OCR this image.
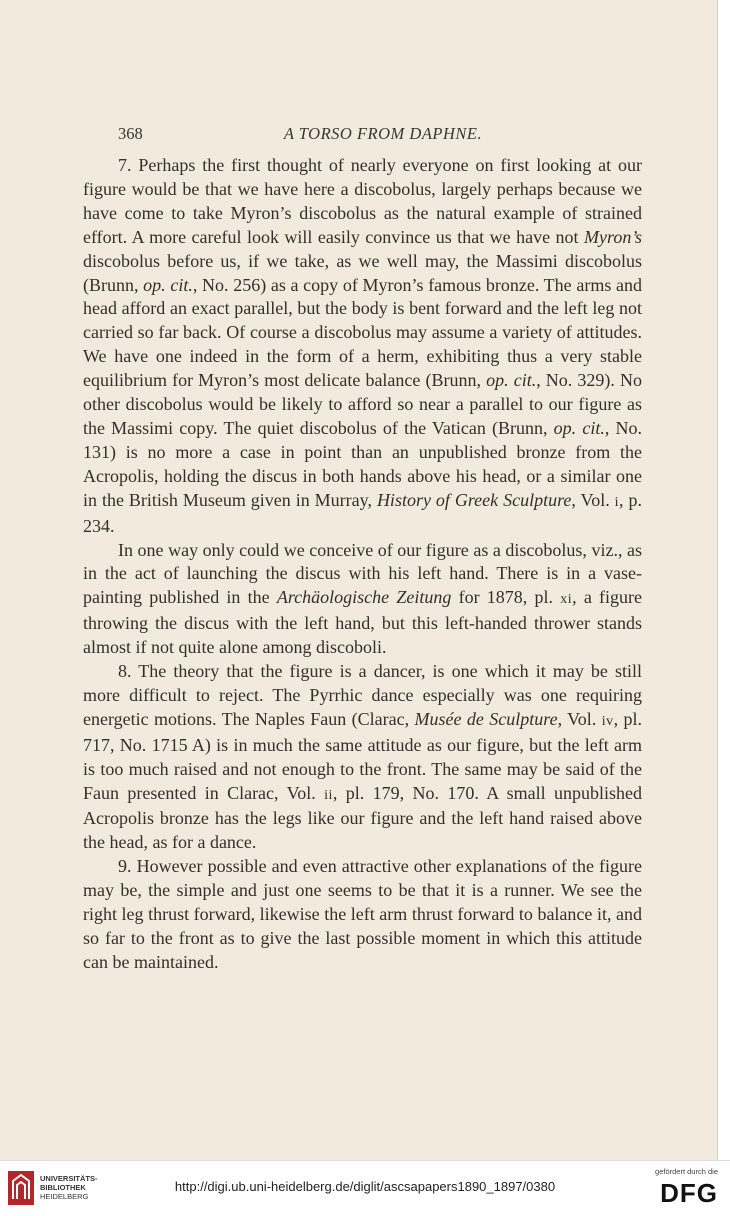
368	A TORSO FROM DAPHNE.

7. Perhaps the first thought of nearly everyone on first looking at our figure would be that we have here a discobolus, largely perhaps because we have come to take Myron’s discobolus as the natural example of strained effort. A more careful look will easily convince us that we have not Myron’s discobolus before us, if we take, as we well may, the Massimi discobolus (Brunn, op. cit., No. 256) as a copy of Myron’s famous bronze. The arms and head afford an exact parallel, but the body is bent forward and the left leg not carried so far back. Of course a discobolus may assume a variety of attitudes. We have one indeed in the form of a herm, exhibiting thus a very stable equilibrium for Myron’s most delicate balance (Brunn, op. cit., No. 329). No other discobolus would be likely to afford so near a parallel to our figure as the Massimi copy. The quiet discobolus of the Vatican (Brunn, op. cit., No. 131) is no more a case in point than an unpublished bronze from the Acropolis, holding the discus in both hands above his head, or a similar one in the British Museum given in Murray, History of Greek Sculpture, Vol. i, p. 234.

In one way only could we conceive of our figure as a discobolus, viz., as in the act of launching the discus with his left hand. There is in a vase-painting published in the Archäologische Zeitung for 1878, pl. xi, a figure throwing the discus with the left hand, but this left-handed thrower stands almost if not quite alone among discoboli.

8. The theory that the figure is a dancer, is one which it may be still more difficult to reject. The Pyrrhic dance especially was one requiring energetic motions. The Naples Faun (Clarac, Musée de Sculpture, Vol. iv, pl. 717, No. 1715 A) is in much the same attitude as our figure, but the left arm is too much raised and not enough to the front. The same may be said of the Faun presented in Clarac, Vol. ii, pl. 179, No. 170. A small unpublished Acropolis bronze has the legs like our figure and the left hand raised above the head, as for a dance.

9. However possible and even attractive other explanations of the figure may be, the simple and just one seems to be that it is a runner. We see the right leg thrust forward, likewise the left arm thrust forward to balance it, and so far to the front as to give the last possible moment in which this attitude can be maintained.

UNIVERSITÄTS-
BIBLIOTHEK
HEIDELBERG
http://digi.ub.uni-heidelberg.de/diglit/ascsapapers1890_1897/0380
gefördert durch die
DFG
